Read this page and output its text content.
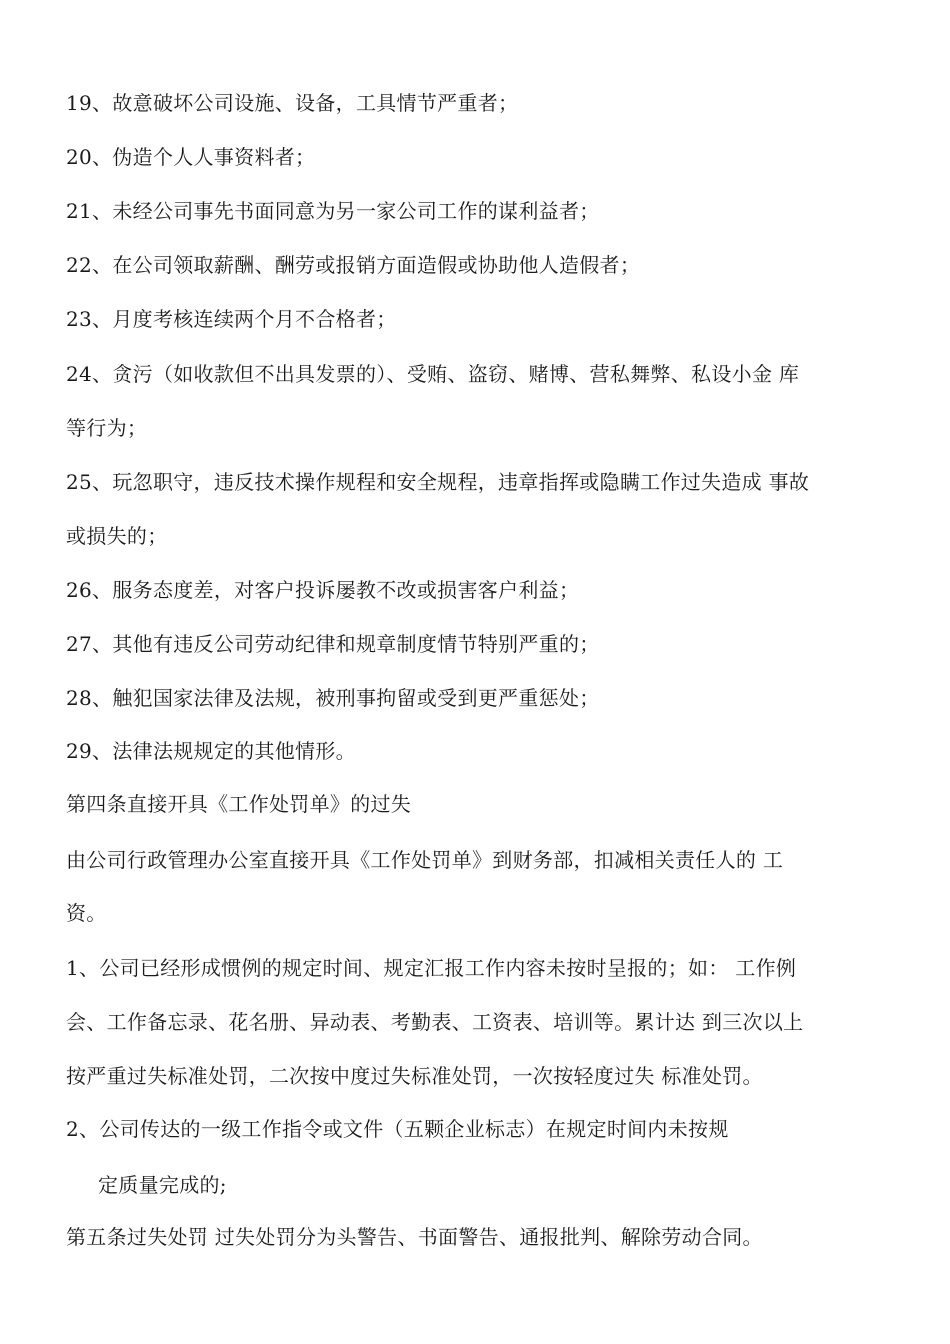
19、故意破坏公司设施、设备，工具情节严重者；
20、伪造个人人事资料者；
21、未经公司事先书面同意为另一家公司工作的谋利益者；
22、在公司领取薪酬、酬劳或报销方面造假或协助他人造假者；
23、月度考核连续两个月不合格者；
24、贪污（如收款但不出具发票的）、受贿、盗窃、赌博、营私舞弊、私设小金 库
等行为；
25、玩忽职守，违反技术操作规程和安全规程，违章指挥或隐瞒工作过失造成 事故
或损失的；
26、服务态度差，对客户投诉屡教不改或损害客户利益；
27、其他有违反公司劳动纪律和规章制度情节特别严重的；
28、触犯国家法律及法规，被刑事拘留或受到更严重惩处；
29、法律法规规定的其他情形。
第四条直接开具《工作处罚单》的过失
由公司行政管理办公室直接开具《工作处罚单》到财务部，扣减相关责任人的 工
资。
1、公司已经形成惯例的规定时间、规定汇报工作内容未按时呈报的；如： 工作例
会、工作备忘录、花名册、异动表、考勤表、工资表、培训等。累计达 到三次以上
按严重过失标准处罚，二次按中度过失标准处罚，一次按轻度过失 标准处罚。
2、公司传达的一级工作指令或文件（五颗企业标志）在规定时间内未按规
定质量完成的;
第五条过失处罚 过失处罚分为头警告、书面警告、通报批判、解除劳动合同。
